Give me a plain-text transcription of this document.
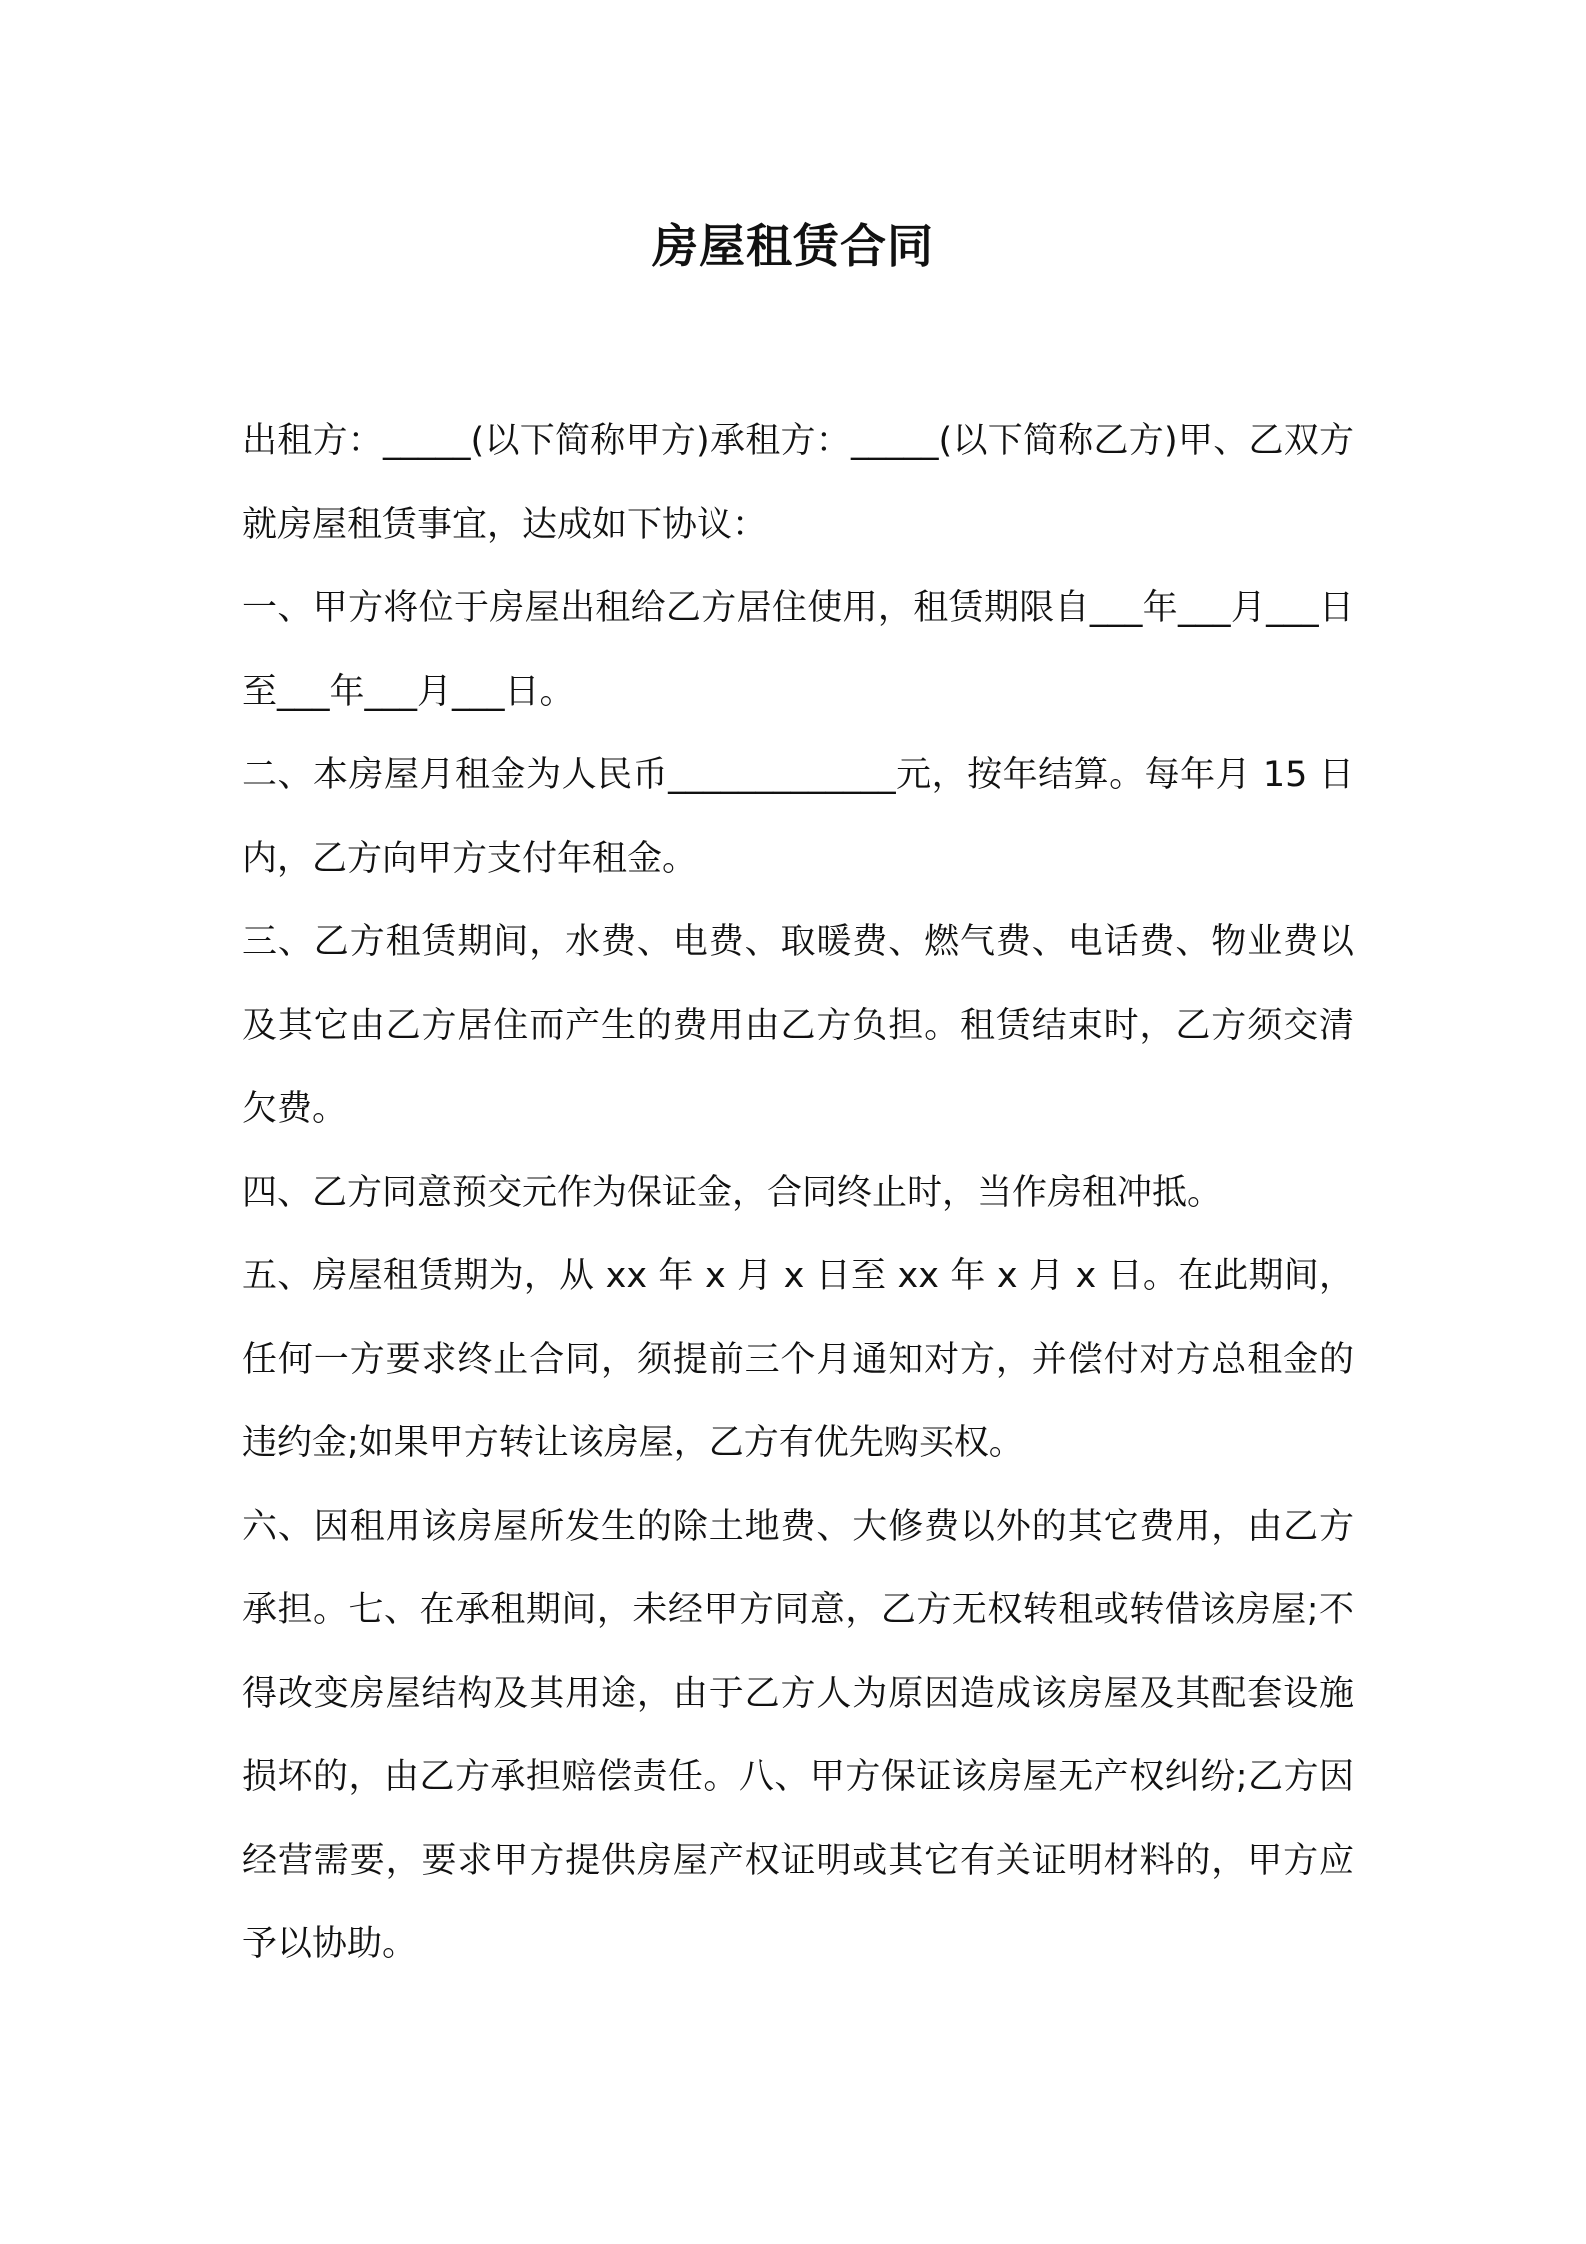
房屋租赁合同

出租方：_____(以下简称甲方)承租方：_____(以下简称乙方)甲、乙双方就房屋租赁事宜，达成如下协议：

一、甲方将位于房屋出租给乙方居住使用，租赁期限自___年___月___日至___年___月___日。

二、本房屋月租金为人民币_____________元，按年结算。每年月 15 日内，乙方向甲方支付年租金。

三、乙方租赁期间，水费、电费、取暖费、燃气费、电话费、物业费以及其它由乙方居住而产生的费用由乙方负担。租赁结束时，乙方须交清欠费。

四、乙方同意预交元作为保证金，合同终止时，当作房租冲抵。

五、房屋租赁期为，从 xx 年 x 月 x 日至 xx 年 x 月 x 日。在此期间，任何一方要求终止合同，须提前三个月通知对方，并偿付对方总租金的违约金;如果甲方转让该房屋，乙方有优先购买权。

六、因租用该房屋所发生的除土地费、大修费以外的其它费用，由乙方承担。七、在承租期间，未经甲方同意，乙方无权转租或转借该房屋;不得改变房屋结构及其用途，由于乙方人为原因造成该房屋及其配套设施损坏的，由乙方承担赔偿责任。八、甲方保证该房屋无产权纠纷;乙方因经营需要，要求甲方提供房屋产权证明或其它有关证明材料的，甲方应予以协助。
